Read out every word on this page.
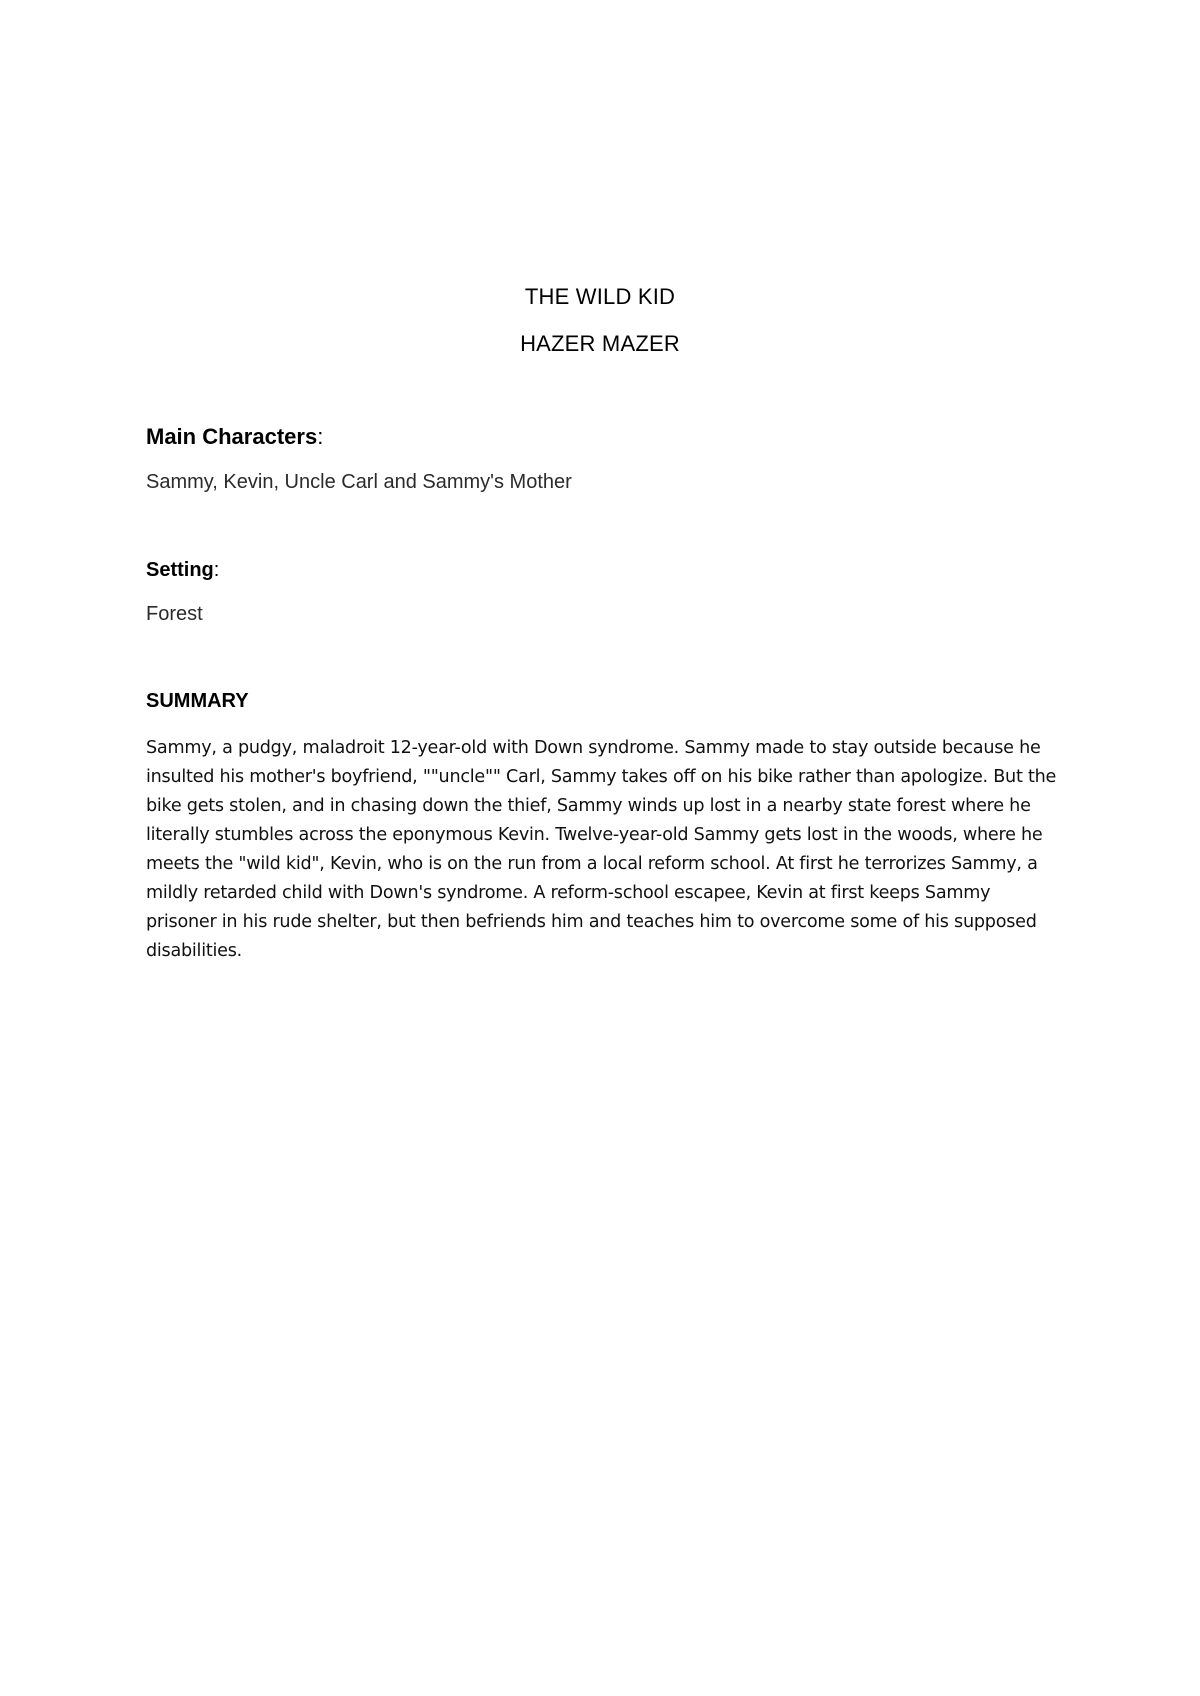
THE WILD KID
HAZER MAZER
Main Characters:

Sammy, Kevin, Uncle Carl and Sammy's Mother

Setting:

Forest

SUMMARY

Sammy, a pudgy, maladroit 12-year-old with Down syndrome. Sammy made to stay outside because he insulted his mother's boyfriend, ""uncle"" Carl, Sammy takes off on his bike rather than apologize. But the bike gets stolen, and in chasing down the thief, Sammy winds up lost in a nearby state forest where he literally stumbles across the eponymous Kevin. Twelve-year-old Sammy gets lost in the woods, where he meets the "wild kid", Kevin, who is on the run from a local reform school. At first he terrorizes Sammy, a mildly retarded child with Down's syndrome. A reform-school escapee, Kevin at first keeps Sammy prisoner in his rude shelter, but then befriends him and teaches him to overcome some of his supposed disabilities.
